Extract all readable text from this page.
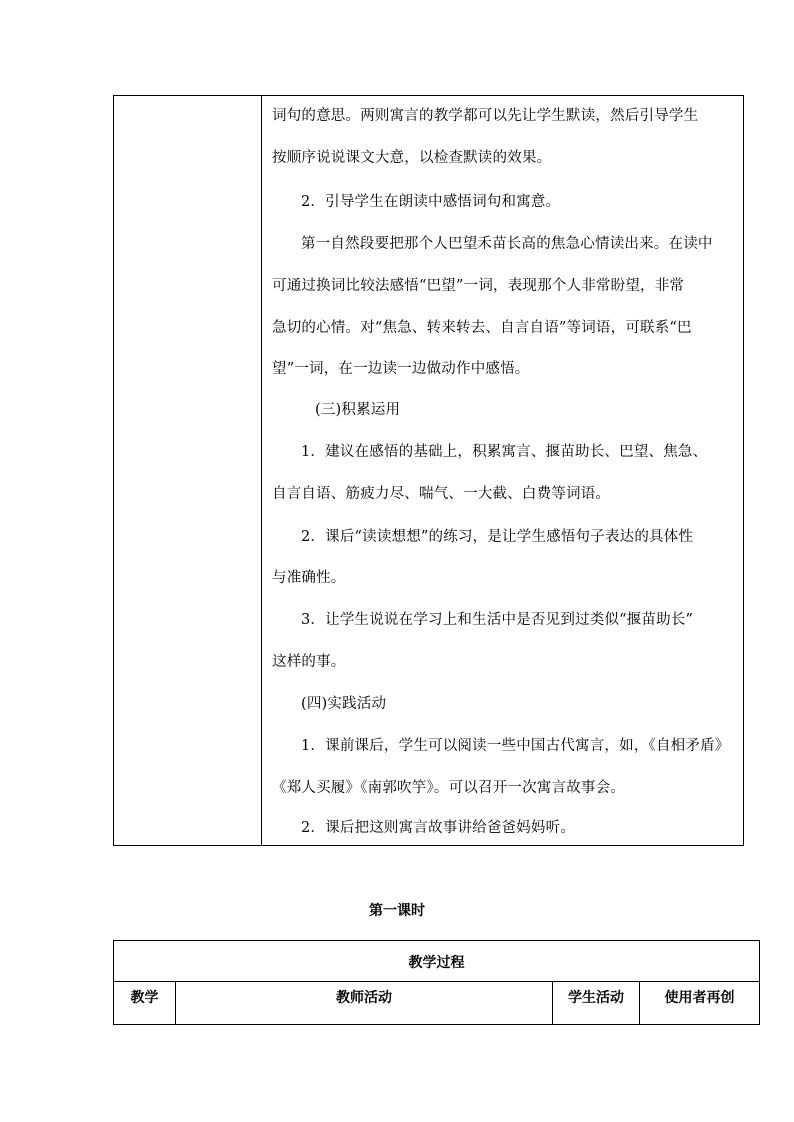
词句的意思。两则寓言的教学都可以先让学生默读，然后引导学生
按顺序说说课文大意，以检查默读的效果。
2．引导学生在朗读中感悟词句和寓意。
第一自然段要把那个人巴望禾苗长高的焦急心情读出来。在读中
可通过换词比较法感悟“巴望”一词，表现那个人非常盼望，非常
急切的心情。对“焦急、转来转去、自言自语”等词语，可联系“巴
望”一词，在一边读一边做动作中感悟。
(三)积累运用
1．建议在感悟的基础上，积累寓言、揠苗助长、巴望、焦急、
自言自语、筋疲力尽、喘气、一大截、白费等词语。
2．课后“读读想想”的练习，是让学生感悟句子表达的具体性
与准确性。
3．让学生说说在学习上和生活中是否见到过类似“揠苗助长”
这样的事。
(四)实践活动
1．课前课后，学生可以阅读一些中国古代寓言，如，《自相矛盾》
《郑人买履》《南郭吹竽》。可以召开一次寓言故事会。
2．课后把这则寓言故事讲给爸爸妈妈听。
第一课时
教学过程
教学	教师活动	学生活动	使用者再创
